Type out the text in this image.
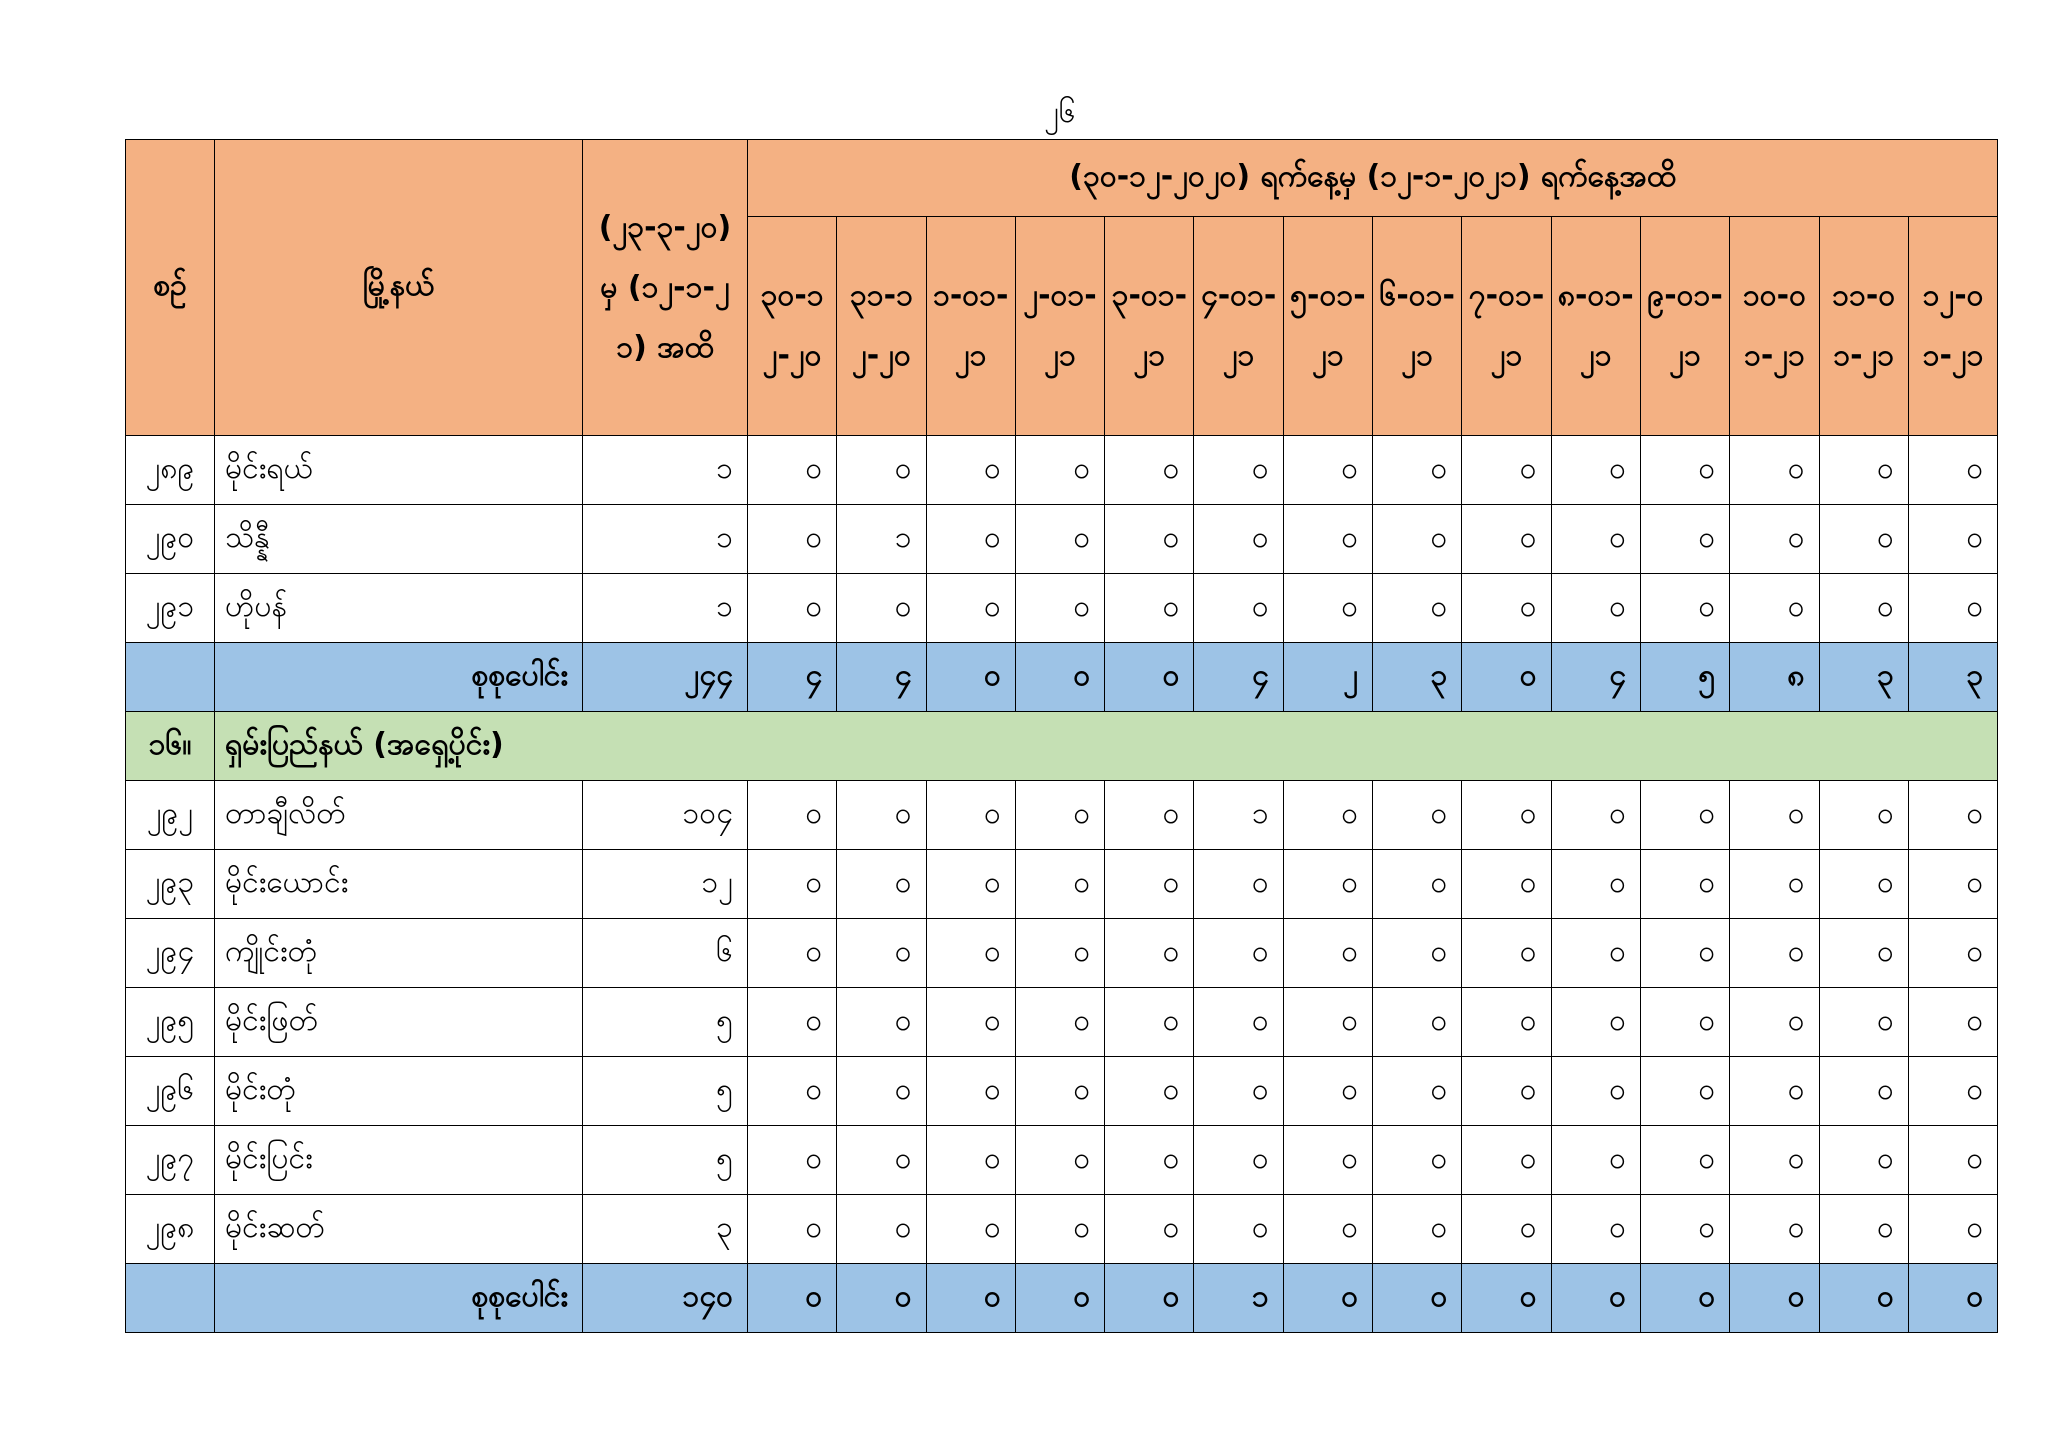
၂၆
စဉ်	မြို့နယ်	(၂၃-၃-၂၀) မှ (၁၂-၁-၂၁) အထိ	(၃၀-၁၂-၂၀၂၀) ရက်နေ့မှ (၁၂-၁-၂၀၂၁) ရက်နေ့အထိ													
			၃၀-၁၂-၂၀	၃၁-၁၂-၂၀	၁-၀၁-၂၁	၂-၀၁-၂၁	၃-၀၁-၂၁	၄-၀၁-၂၁	၅-၀၁-၂၁	၆-၀၁-၂၁	၇-၀၁-၂၁	၈-၀၁-၂၁	၉-၀၁-၂၁	၁၀-၀၁-၂၁	၁၁-၀၁-၂၁	၁၂-၀၁-၂၁
၂၈၉	မိုင်းရယ်	၁	၀	၀	၀	၀	၀	၀	၀	၀	၀	၀	၀	၀	၀	၀
၂၉၀	သိန္နီ	၁	၀	၁	၀	၀	၀	၀	၀	၀	၀	၀	၀	၀	၀	၀
၂၉၁	ဟိုပန်	၁	၀	၀	၀	၀	၀	၀	၀	၀	၀	၀	၀	၀	၀	၀
	စုစုပေါင်း	၂၄၄	၄	၄	၀	၀	၀	၄	၂	၃	၀	၄	၅	၈	၃	၃
၁၆။	ရှမ်းပြည်နယ် (အရှေ့ပိုင်း)															
၂၉၂	တာချီလိတ်	၁၀၄	၀	၀	၀	၀	၀	၁	၀	၀	၀	၀	၀	၀	၀	၀
၂၉၃	မိုင်းယောင်း	၁၂	၀	၀	၀	၀	၀	၀	၀	၀	၀	၀	၀	၀	၀	၀
၂၉၄	ကျိုင်းတုံ	၆	၀	၀	၀	၀	၀	၀	၀	၀	၀	၀	၀	၀	၀	၀
၂၉၅	မိုင်းဖြတ်	၅	၀	၀	၀	၀	၀	၀	၀	၀	၀	၀	၀	၀	၀	၀
၂၉၆	မိုင်းတုံ	၅	၀	၀	၀	၀	၀	၀	၀	၀	၀	၀	၀	၀	၀	၀
၂၉၇	မိုင်းပြင်း	၅	၀	၀	၀	၀	၀	၀	၀	၀	၀	၀	၀	၀	၀	၀
၂၉၈	မိုင်းဆတ်	၃	၀	၀	၀	၀	၀	၀	၀	၀	၀	၀	၀	၀	၀	၀
	စုစုပေါင်း	၁၄၀	၀	၀	၀	၀	၀	၁	၀	၀	၀	၀	၀	၀	၀	၀
